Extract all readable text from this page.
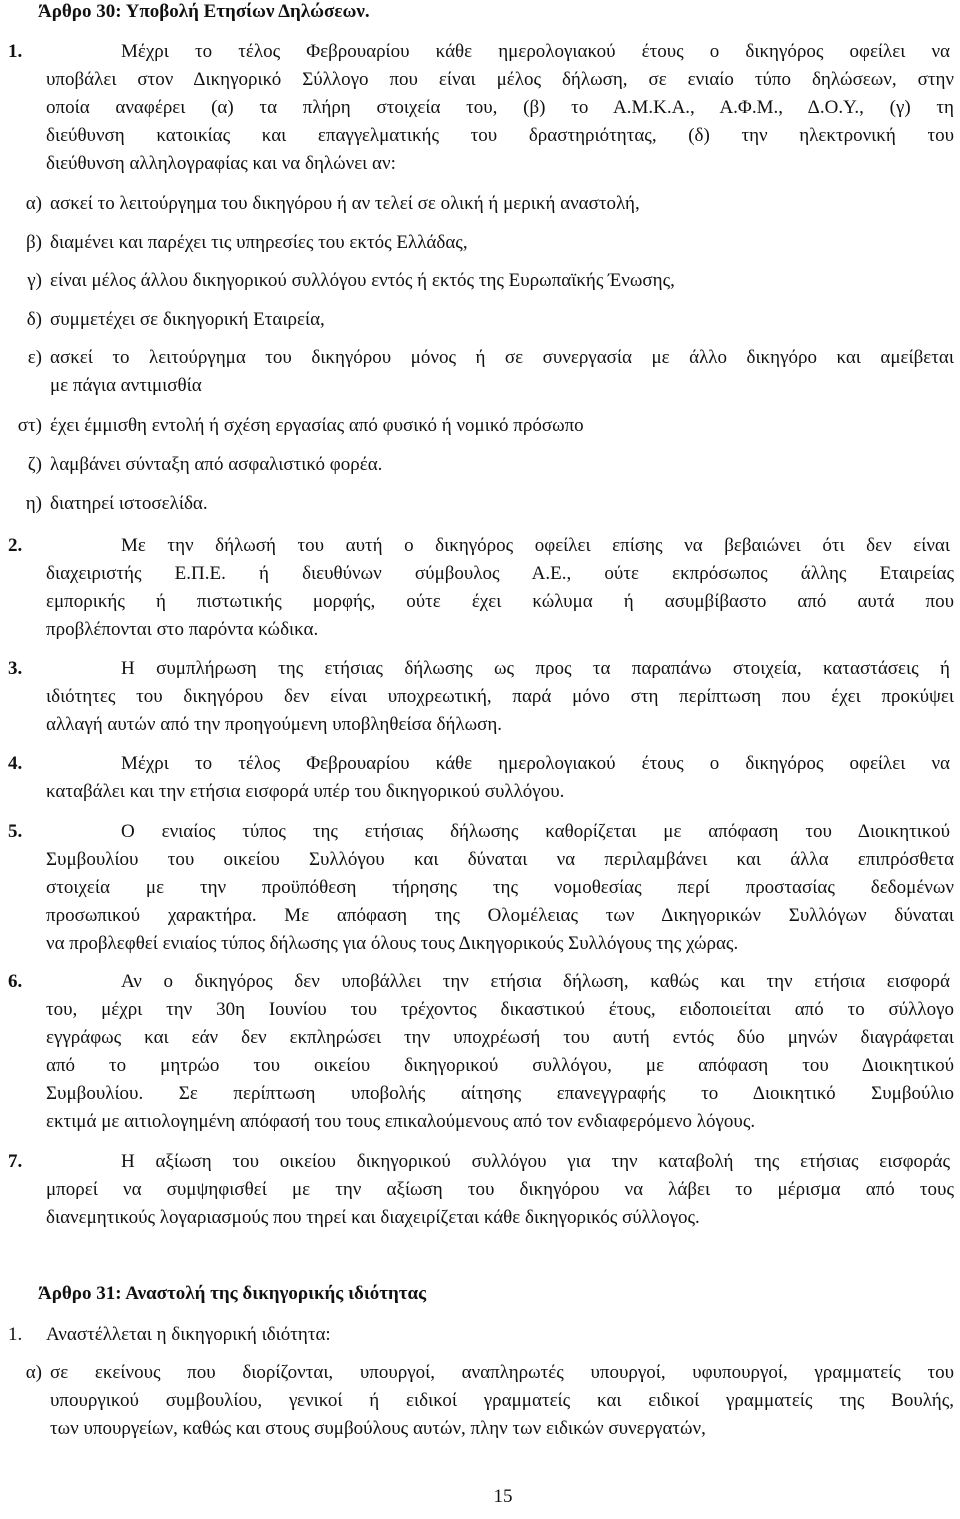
Άρθρο 30: Υποβολή Ετησίων Δηλώσεων.
1.	Μέχρι το τέλος Φεβρουαρίου κάθε ημερολογιακού έτους ο δικηγόρος οφείλει να
υποβάλει στον Δικηγορικό Σύλλογο που είναι μέλος δήλωση, σε ενιαίο τύπο δηλώσεων, στην
οποία αναφέρει (α) τα πλήρη στοιχεία του, (β) το Α.Μ.Κ.Α., Α.Φ.Μ., Δ.Ο.Υ., (γ) τη
διεύθυνση κατοικίας και επαγγελματικής του δραστηριότητας, (δ) την ηλεκτρονική του
διεύθυνση αλληλογραφίας και να δηλώνει αν:
α) ασκεί το λειτούργημα του δικηγόρου ή αν τελεί σε ολική ή μερική αναστολή,
β) διαμένει και παρέχει τις υπηρεσίες του εκτός Ελλάδας,
γ) είναι μέλος άλλου δικηγορικού συλλόγου εντός ή εκτός της Ευρωπαϊκής Ένωσης,
δ) συμμετέχει σε δικηγορική Εταιρεία,
ε) ασκεί το λειτούργημα του δικηγόρου μόνος ή σε συνεργασία με άλλο δικηγόρο και αμείβεται
με πάγια αντιμισθία
στ) έχει έμμισθη εντολή ή σχέση εργασίας από φυσικό ή νομικό πρόσωπο
ζ) λαμβάνει σύνταξη από ασφαλιστικό φορέα.
η) διατηρεί ιστοσελίδα.
2.	Με την δήλωσή του αυτή ο δικηγόρος οφείλει επίσης να βεβαιώνει ότι δεν είναι
διαχειριστής Ε.Π.Ε. ή διευθύνων σύμβουλος Α.Ε., ούτε εκπρόσωπος άλλης Εταιρείας
εμπορικής ή πιστωτικής μορφής, ούτε έχει κώλυμα ή ασυμβίβαστο από αυτά που
προβλέπονται στο παρόντα κώδικα.
3.	Η συμπλήρωση της ετήσιας δήλωσης ως προς τα παραπάνω στοιχεία, καταστάσεις ή
ιδιότητες του δικηγόρου δεν είναι υποχρεωτική, παρά μόνο στη περίπτωση που έχει προκύψει
αλλαγή αυτών από την προηγούμενη υποβληθείσα δήλωση.
4.	Μέχρι το τέλος Φεβρουαρίου κάθε ημερολογιακού έτους ο δικηγόρος οφείλει να
καταβάλει και την ετήσια εισφορά υπέρ του δικηγορικού συλλόγου.
5.	Ο ενιαίος τύπος της ετήσιας δήλωσης καθορίζεται με απόφαση του Διοικητικού
Συμβουλίου του οικείου Συλλόγου και δύναται να περιλαμβάνει και άλλα επιπρόσθετα
στοιχεία με την προϋπόθεση τήρησης της νομοθεσίας περί προστασίας δεδομένων
προσωπικού χαρακτήρα. Με απόφαση της Ολομέλειας των Δικηγορικών Συλλόγων δύναται
να προβλεφθεί ενιαίος τύπος δήλωσης για όλους τους Δικηγορικούς Συλλόγους της χώρας.
6.	Αν ο δικηγόρος δεν υποβάλλει την ετήσια δήλωση, καθώς και την ετήσια εισφορά
του, μέχρι την 30η Ιουνίου του τρέχοντος δικαστικού έτους, ειδοποιείται από το σύλλογο
εγγράφως και εάν δεν εκπληρώσει την υποχρέωσή του αυτή εντός δύο μηνών διαγράφεται
από το μητρώο του οικείου δικηγορικού συλλόγου, με απόφαση του Διοικητικού
Συμβουλίου. Σε περίπτωση υποβολής αίτησης επανεγγραφής το Διοικητικό Συμβούλιο
εκτιμά με αιτιολογημένη απόφασή του τους επικαλούμενους από τον ενδιαφερόμενο λόγους.
7.	Η αξίωση του οικείου δικηγορικού συλλόγου για την καταβολή της ετήσιας εισφοράς
μπορεί να συμψηφισθεί με την αξίωση του δικηγόρου να λάβει το μέρισμα από τους
διανεμητικούς λογαριασμούς που τηρεί και διαχειρίζεται κάθε δικηγορικός σύλλογος.
Άρθρο 31: Αναστολή της δικηγορικής ιδιότητας
1.	Αναστέλλεται η δικηγορική ιδιότητα:
α) σε εκείνους που διορίζονται, υπουργοί, αναπληρωτές υπουργοί, υφυπουργοί, γραμματείς του
υπουργικού συμβουλίου, γενικοί ή ειδικοί γραμματείς και ειδικοί γραμματείς της Βουλής,
των υπουργείων, καθώς και στους συμβούλους αυτών, πλην των ειδικών συνεργατών,
15
